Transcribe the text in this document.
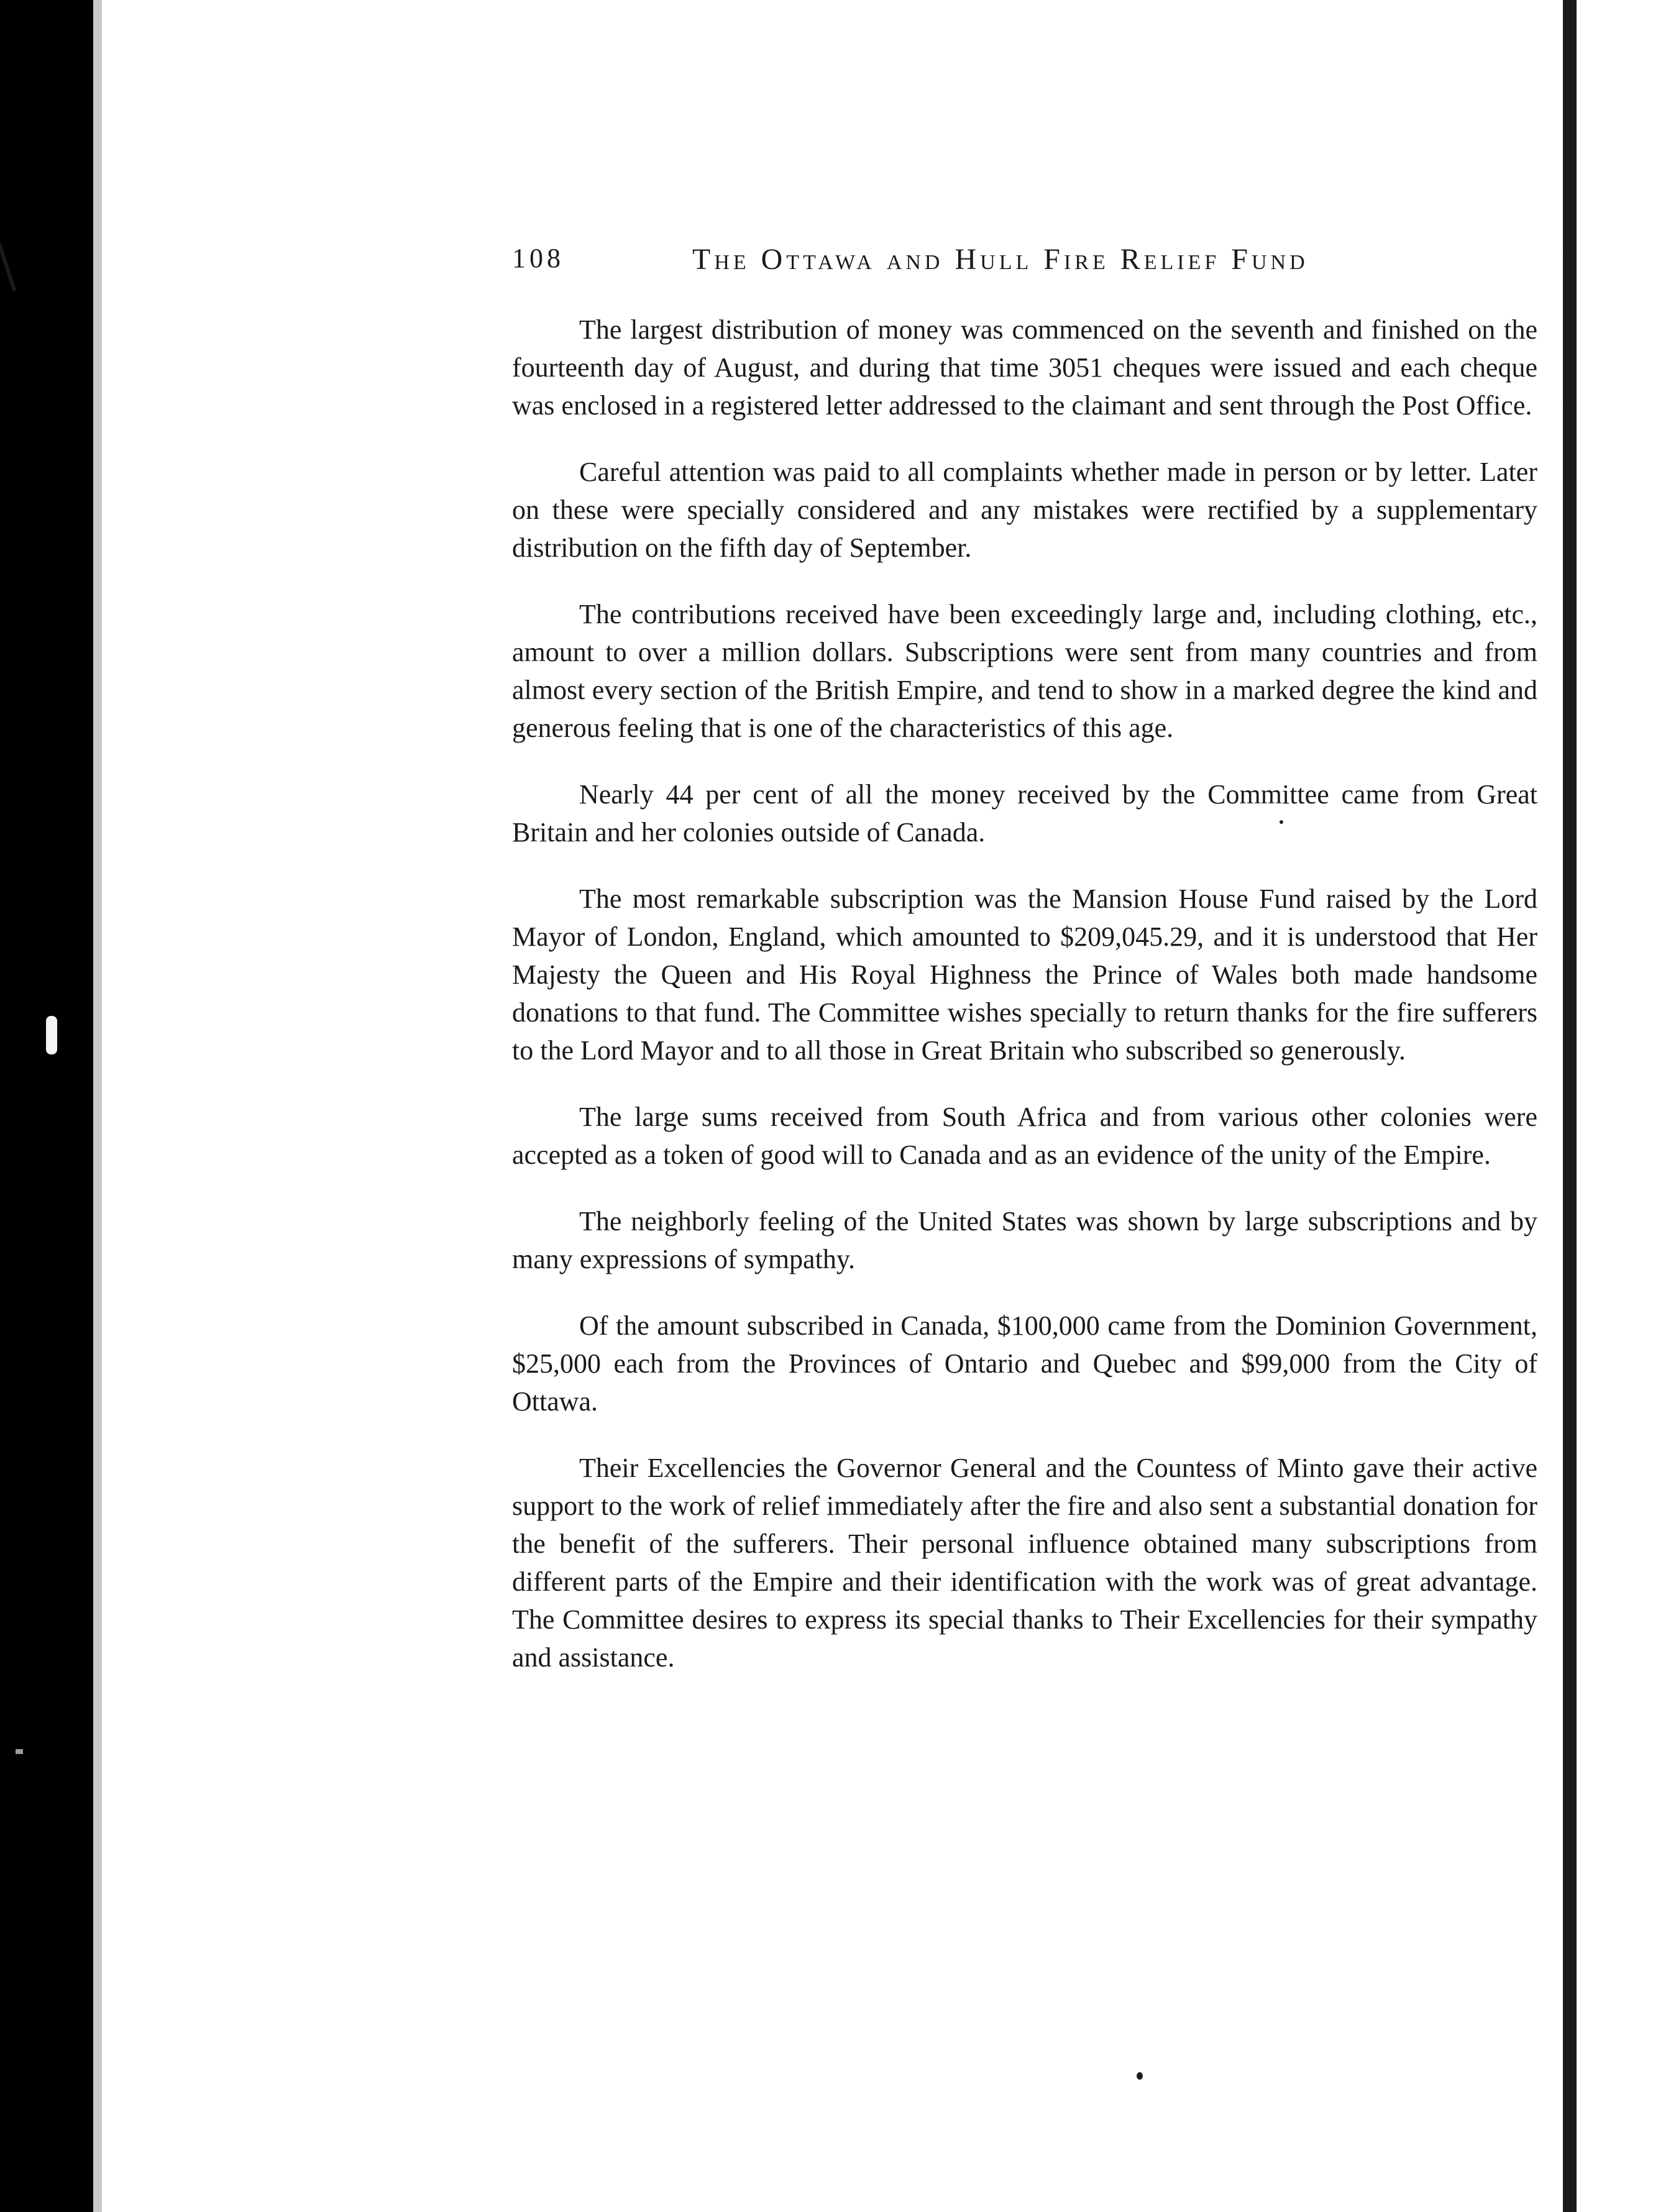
108	The Ottawa and Hull Fire Relief Fund

The largest distribution of money was commenced on the seventh and finished on the fourteenth day of August, and during that time 3051 cheques were issued and each cheque was enclosed in a registered letter addressed to the claimant and sent through the Post Office.

Careful attention was paid to all complaints whether made in person or by letter. Later on these were specially considered and any mistakes were rectified by a supplementary distribution on the fifth day of September.

The contributions received have been exceedingly large and, including clothing, etc., amount to over a million dollars. Subscriptions were sent from many countries and from almost every section of the British Empire, and tend to show in a marked degree the kind and generous feeling that is one of the characteristics of this age.

Nearly 44 per cent of all the money received by the Committee came from Great Britain and her colonies outside of Canada.

The most remarkable subscription was the Mansion House Fund raised by the Lord Mayor of London, England, which amounted to $209,045.29, and it is understood that Her Majesty the Queen and His Royal Highness the Prince of Wales both made handsome donations to that fund. The Committee wishes specially to return thanks for the fire sufferers to the Lord Mayor and to all those in Great Britain who subscribed so generously.

The large sums received from South Africa and from various other colonies were accepted as a token of good will to Canada and as an evidence of the unity of the Empire.

The neighborly feeling of the United States was shown by large subscriptions and by many expressions of sympathy.

Of the amount subscribed in Canada, $100,000 came from the Dominion Government, $25,000 each from the Provinces of Ontario and Quebec and $99,000 from the City of Ottawa.

Their Excellencies the Governor General and the Countess of Minto gave their active support to the work of relief immediately after the fire and also sent a substantial donation for the benefit of the sufferers. Their personal influence obtained many subscriptions from different parts of the Empire and their identification with the work was of great advantage. The Committee desires to express its special thanks to Their Excellencies for their sympathy and assistance.
